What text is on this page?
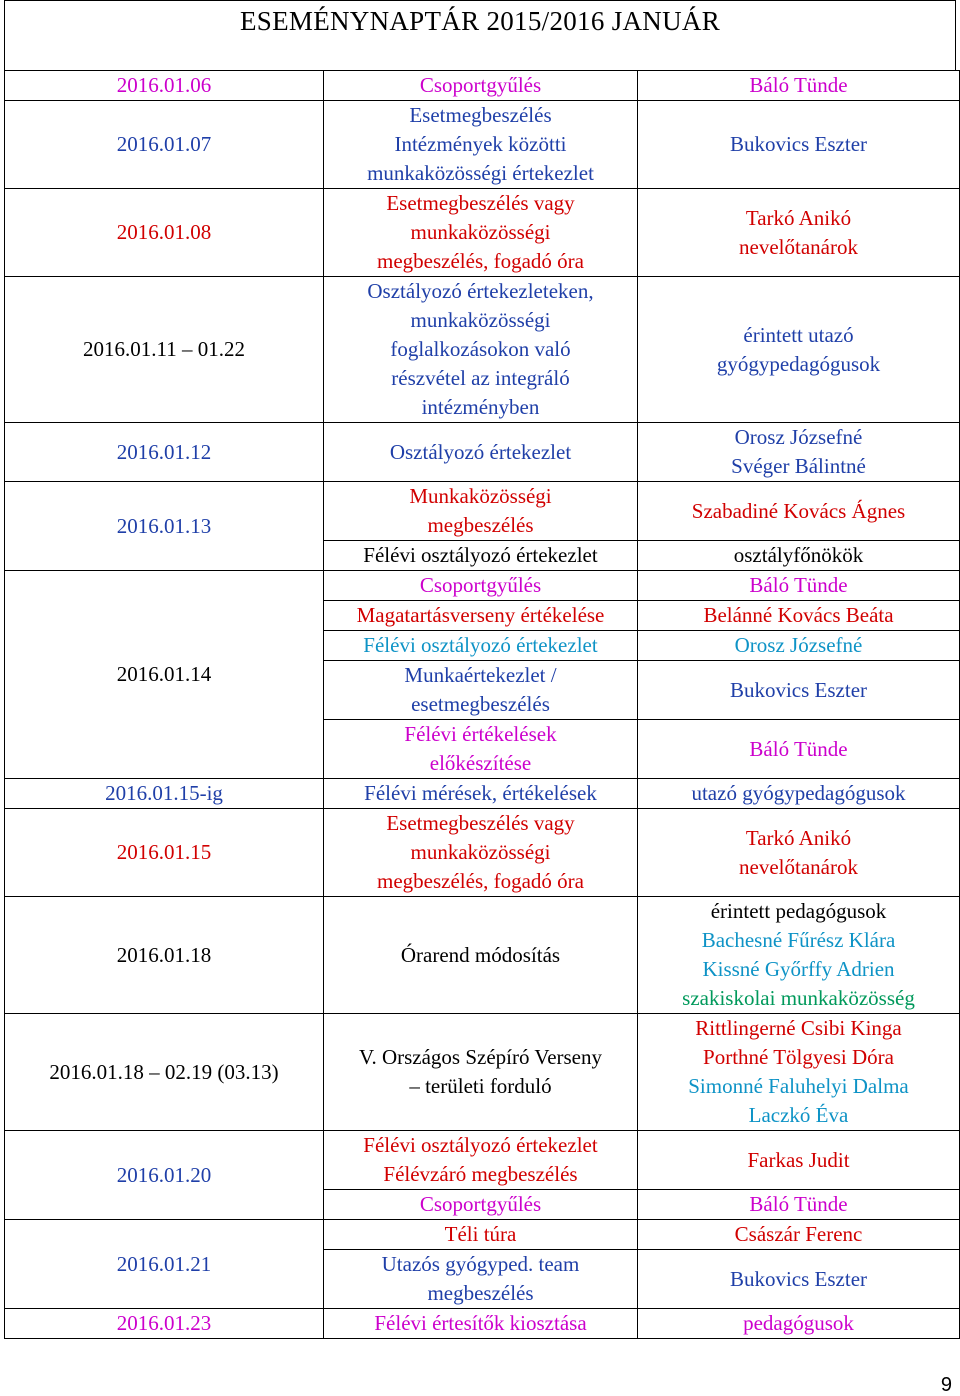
ESEMÉNYNAPTÁR 2015/2016 JANUÁR
2016.01.06	Csoportgyűlés	Báló Tünde

2016.01.07	Esetmegbeszélés
Intézmények közötti
munkaközösségi értekezlet	Bukovics Eszter

2016.01.08	Esetmegbeszélés vagy
munkaközösségi
megbeszélés, fogadó óra	Tarkó Anikó
nevelőtanárok

2016.01.11 – 01.22	Osztályozó értekezleteken,
munkaközösségi
foglalkozásokon való
részvétel az integráló
intézményben	érintett utazó
gyógypedagógusok

2016.01.12	Osztályozó értekezlet	Orosz Józsefné
Svéger Bálintné

2016.01.13	Munkaközösségi
megbeszélés	Szabadiné Kovács Ágnes

	Félévi osztályozó értekezlet	osztályfőnökök

2016.01.14	Csoportgyűlés	Báló Tünde

	Magatartásverseny értékelése	Belánné Kovács Beáta

	Félévi osztályozó értekezlet	Orosz Józsefné

	Munkaértekezlet /
esetmegbeszélés	Bukovics Eszter

	Félévi értékelések
előkészítése	Báló Tünde

2016.01.15-ig	Félévi mérések, értékelések	utazó gyógypedagógusok

2016.01.15	Esetmegbeszélés vagy
munkaközösségi
megbeszélés, fogadó óra	Tarkó Anikó
nevelőtanárok

2016.01.18	Órarend módosítás	érintett pedagógusok
Bachesné Fűrész Klára
Kissné Győrffy Adrien
szakiskolai munkaközösség

2016.01.18 – 02.19 (03.13)	V. Országos Szépíró Verseny
– területi forduló	Rittlingerné Csibi Kinga
Porthné Tölgyesi Dóra
Simonné Faluhelyi Dalma
Laczkó Éva

2016.01.20	Félévi osztályozó értekezlet
Félévzáró megbeszélés	Farkas Judit

	Csoportgyűlés	Báló Tünde

2016.01.21	Téli túra	Császár Ferenc

	Utazós gyógyped. team
megbeszélés	Bukovics Eszter

2016.01.23	Félévi értesítők kiosztása	pedagógusok
9
